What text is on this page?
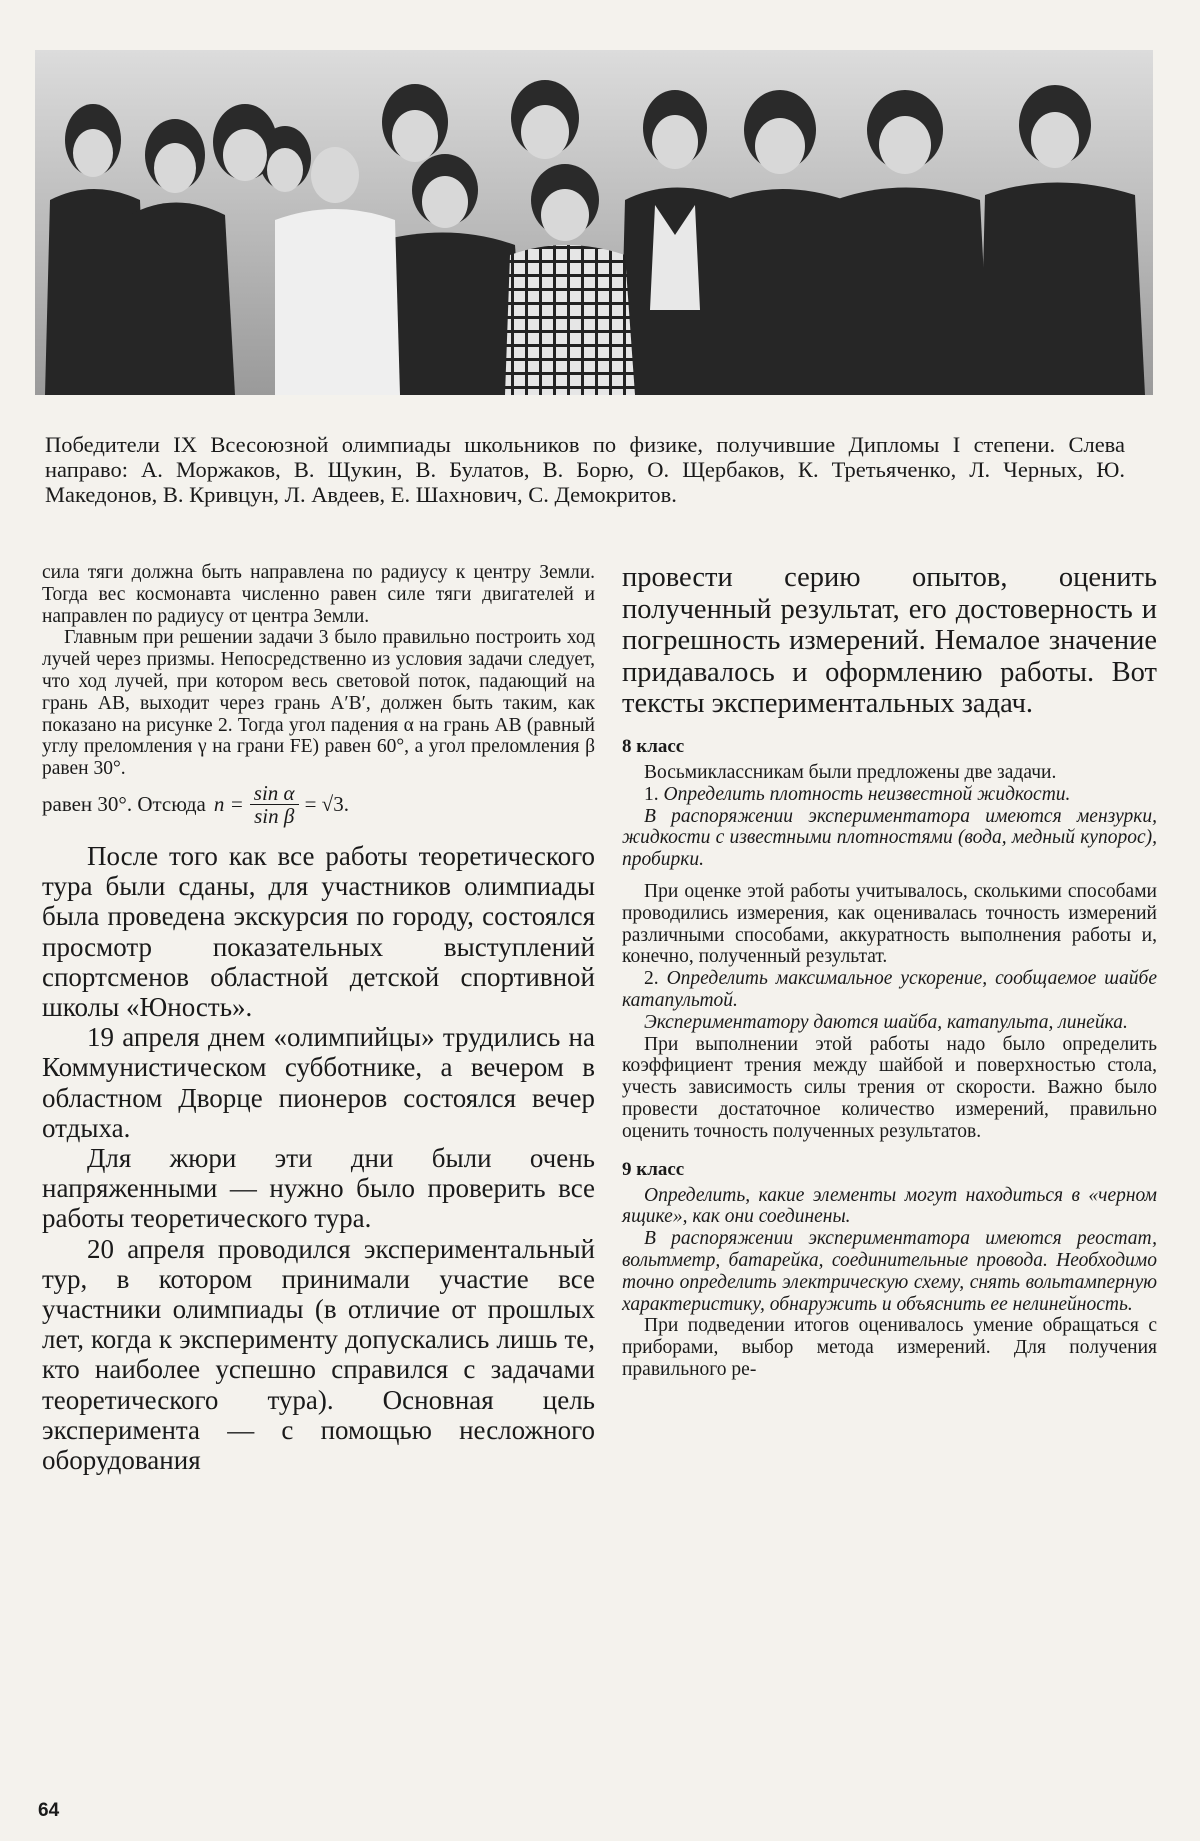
Победители IX Всесоюзной олимпиады школьников по физике, получившие Дипломы I степени. Слева направо: А. Моржаков, В. Щукин, В. Булатов, В. Борю, О. Щербаков, К. Третьяченко, Л. Черных, Ю. Македонов, В. Кривцун, Л. Авдеев, Е. Шахнович, С. Демокритов.

сила тяги должна быть направлена по радиусу к центру Земли. Тогда вес космонавта численно равен силе тяги двигателей и направлен по радиусу от центра Земли.

Главным при решении задачи 3 было правильно построить ход лучей через призмы. Непосредственно из условия задачи следует, что ход лучей, при котором весь световой поток, падающий на грань AB, выходит через грань A′B′, должен быть таким, как показано на рисунке 2. Тогда угол падения α на грань AB (равный углу преломления γ на грани FE) равен 60°, а угол преломления β равен 30°.

равен 30°. Отсюда $n = \frac{\text{sin α}}{\text{sin β}} = √3$.

После того как все работы теоретического тура были сданы, для участников олимпиады была проведена экскурсия по городу, состоялся просмотр показательных выступлений спортсменов областной детской спортивной школы «Юность».

19 апреля днем «олимпийцы» трудились на Коммунистическом субботнике, а вечером в областном Дворце пионеров состоялся вечер отдыха.

Для жюри эти дни были очень напряженными — нужно было проверить все работы теоретического тура.

20 апреля проводился экспериментальный тур, в котором принимали участие все участники олимпиады (в отличие от прошлых лет, когда к эксперименту допускались лишь те, кто наиболее успешно справился с задачами теоретического тура). Основная цель эксперимента — с помощью несложного оборудования

провести серию опытов, оценить полученный результат, его достоверность и погрешность измерений. Немалое значение придавалось и оформлению работы. Вот тексты экспериментальных задач.

8 класс

Восьмиклассникам были предложены две задачи.

1. Определить плотность неизвестной жидкости.

В распоряжении экспериментатора имеются мензурки, жидкости с известными плотностями (вода, медный купорос), пробирки.

При оценке этой работы учитывалось, сколькими способами проводились измерения, как оценивалась точность измерений различными способами, аккуратность выполнения работы и, конечно, полученный результат.

2. Определить максимальное ускорение, сообщаемое шайбе катапультой.

Экспериментатору даются шайба, катапульта, линейка.

При выполнении этой работы надо было определить коэффициент трения между шайбой и поверхностью стола, учесть зависимость силы трения от скорости. Важно было провести достаточное количество измерений, правильно оценить точность полученных результатов.

9 класс

Определить, какие элементы могут находиться в «черном ящике», как они соединены.

В распоряжении экспериментатора имеются реостат, вольтметр, батарейка, соединительные провода. Необходимо точно определить электрическую схему, снять вольтамперную характеристику, обнаружить и объяснить ее нелинейность.

При подведении итогов оценивалось умение обращаться с приборами, выбор метода измерений. Для получения правильного ре-

64
